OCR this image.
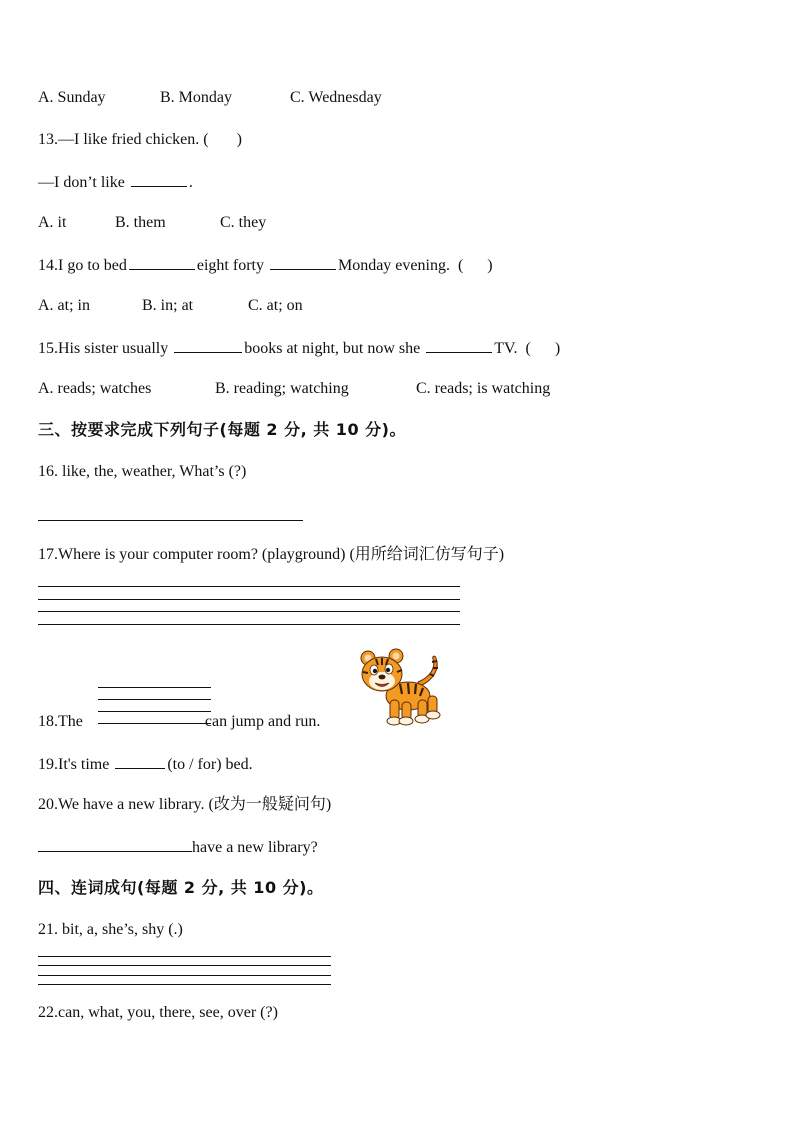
A. Sunday	B. Monday	C. Wednesday
13.—I like fried chicken. ( )
—I don’t like	.
A. it	B. them	C. they
14.I go to bed	eight forty	Monday evening. (      )
A. at; in	B. in; at	C. at; on
15.His sister usually	books at night, but now she	TV. (      )
A. reads; watches	B. reading; watching	C. reads; is watching
三、按要求完成下列句子(每题 2 分, 共 10 分)。
16. like, the, weather, What’s (?)
17.Where is your computer room? (playground) (用所给词汇仿写句子)
18.The	can jump and run.
19.It's time	(to / for) bed.
20.We have a new library. (改为一般疑问句)
have a new library?
四、连词成句(每题 2 分, 共 10 分)。
21. bit, a, she’s, shy (.)
22.can, what, you, there, see, over (?)
